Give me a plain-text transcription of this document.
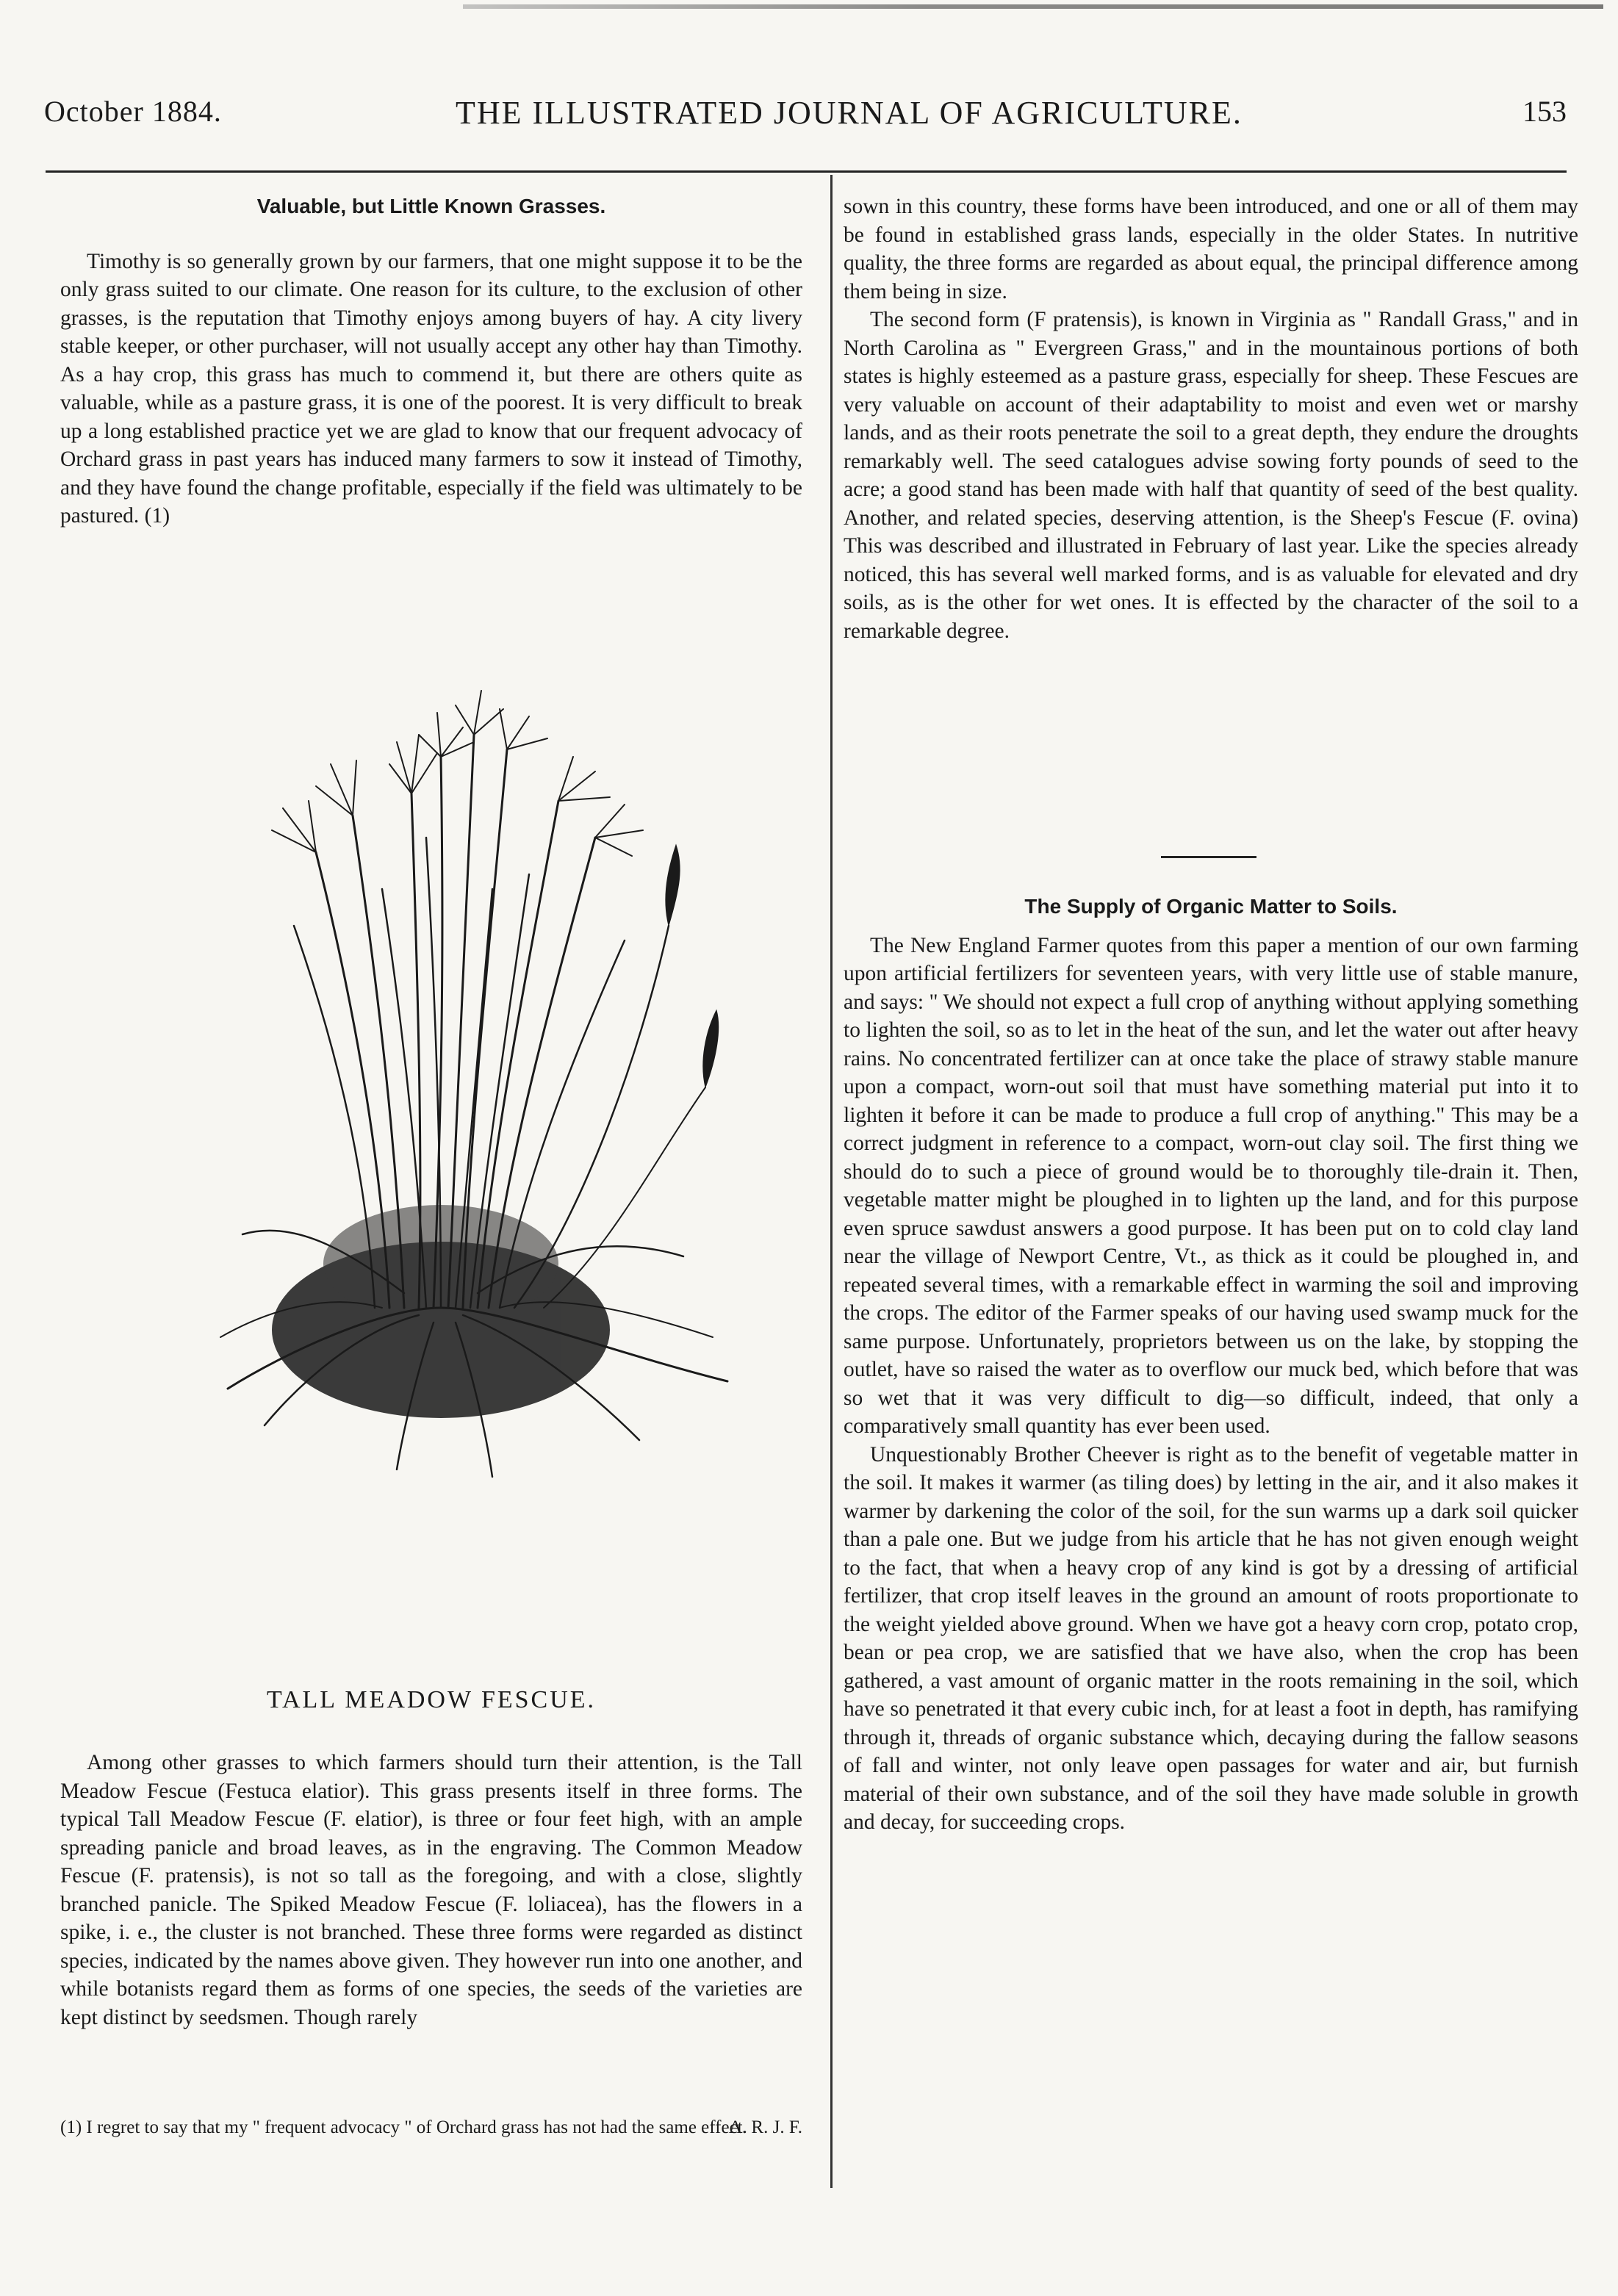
October 1884.	THE ILLUSTRATED JOURNAL OF AGRICULTURE.	153
Valuable, but Little Known Grasses.

Timothy is so generally grown by our farmers, that one might suppose it to be the only grass suited to our climate. One reason for its culture, to the exclusion of other grasses, is the reputation that Timothy enjoys among buyers of hay. A city livery stable keeper, or other purchaser, will not usually accept any other hay than Timothy. As a hay crop, this grass has much to commend it, but there are others quite as valuable, while as a pasture grass, it is one of the poorest. It is very difficult to break up a long established practice yet we are glad to know that our frequent advocacy of Orchard grass in past years has induced many farmers to sow it instead of Timothy, and they have found the change profitable, especially if the field was ultimately to be pastured. (1)

TALL MEADOW FESCUE.

Among other grasses to which farmers should turn their attention, is the Tall Meadow Fescue (Festuca elatior). This grass presents itself in three forms. The typical Tall Meadow Fescue (F. elatior), is three or four feet high, with an ample spreading panicle and broad leaves, as in the engraving. The Common Meadow Fescue (F. pratensis), is not so tall as the foregoing, and with a close, slightly branched panicle. The Spiked Meadow Fescue (F. loliacea), has the flowers in a spike, i. e., the cluster is not branched. These three forms were regarded as distinct species, indicated by the names above given. They however run into one another, and while botanists regard them as forms of one species, the seeds of the varieties are kept distinct by seedsmen. Though rarely

(1) I regret to say that my " frequent advocacy " of Orchard grass has not had the same effect.
A. R. J. F.

sown in this country, these forms have been introduced, and one or all of them may be found in established grass lands, especially in the older States. In nutritive quality, the three forms are regarded as about equal, the principal difference among them being in size.

The second form (F pratensis), is known in Virginia as " Randall Grass," and in North Carolina as " Evergreen Grass," and in the mountainous portions of both states is highly esteemed as a pasture grass, especially for sheep. These Fescues are very valuable on account of their adaptability to moist and even wet or marshy lands, and as their roots penetrate the soil to a great depth, they endure the droughts remarkably well. The seed catalogues advise sowing forty pounds of seed to the acre; a good stand has been made with half that quantity of seed of the best quality. Another, and related species, deserving attention, is the Sheep's Fescue (F. ovina) This was described and illustrated in February of last year. Like the species already noticed, this has several well marked forms, and is as valuable for elevated and dry soils, as is the other for wet ones. It is effected by the character of the soil to a remarkable degree.

The Supply of Organic Matter to Soils.

The New England Farmer quotes from this paper a mention of our own farming upon artificial fertilizers for seventeen years, with very little use of stable manure, and says: " We should not expect a full crop of anything without applying something to lighten the soil, so as to let in the heat of the sun, and let the water out after heavy rains. No concentrated fertilizer can at once take the place of strawy stable manure upon a compact, worn-out soil that must have something material put into it to lighten it before it can be made to produce a full crop of anything." This may be a correct judgment in reference to a compact, worn-out clay soil. The first thing we should do to such a piece of ground would be to thoroughly tile-drain it. Then, vegetable matter might be ploughed in to lighten up the land, and for this purpose even spruce sawdust answers a good purpose. It has been put on to cold clay land near the village of Newport Centre, Vt., as thick as it could be ploughed in, and repeated several times, with a remarkable effect in warming the soil and improving the crops. The editor of the Farmer speaks of our having used swamp muck for the same purpose. Unfortunately, proprietors between us on the lake, by stopping the outlet, have so raised the water as to overflow our muck bed, which before that was so wet that it was very difficult to dig—so difficult, indeed, that only a comparatively small quantity has ever been used.

Unquestionably Brother Cheever is right as to the benefit of vegetable matter in the soil. It makes it warmer (as tiling does) by letting in the air, and it also makes it warmer by darkening the color of the soil, for the sun warms up a dark soil quicker than a pale one. But we judge from his article that he has not given enough weight to the fact, that when a heavy crop of any kind is got by a dressing of artificial fertilizer, that crop itself leaves in the ground an amount of roots proportionate to the weight yielded above ground. When we have got a heavy corn crop, potato crop, bean or pea crop, we are satisfied that we have also, when the crop has been gathered, a vast amount of organic matter in the roots remaining in the soil, which have so penetrated it that every cubic inch, for at least a foot in depth, has ramifying through it, threads of organic substance which, decaying during the fallow seasons of fall and winter, not only leave open passages for water and air, but furnish material of their own substance, and of the soil they have made soluble in growth and decay, for succeeding crops.
